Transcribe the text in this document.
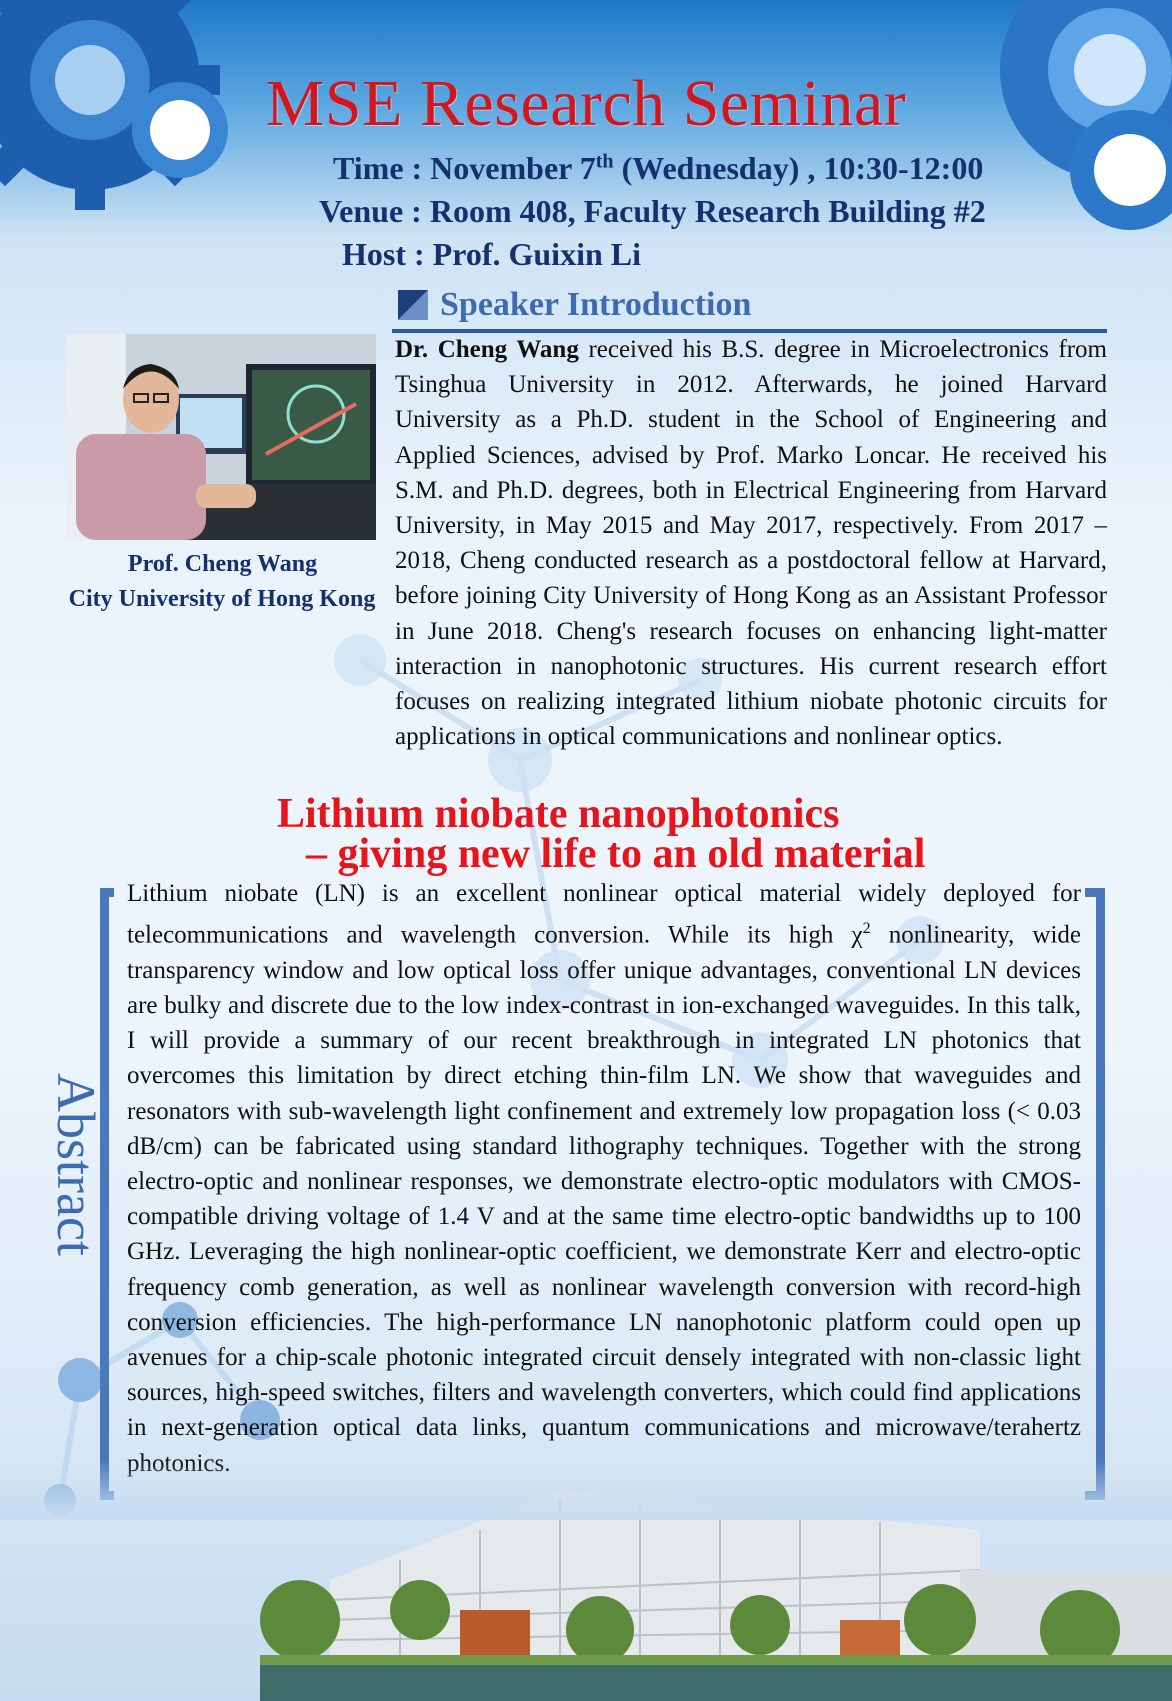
MSE Research Seminar
Time : November 7th (Wednesday) , 10:30-12:00
Venue : Room 408, Faculty Research Building #2
Host : Prof. Guixin Li
Speaker Introduction
Prof. Cheng Wang
City University of Hong Kong
Dr. Cheng Wang received his B.S. degree in Microelectronics from Tsinghua University in 2012. Afterwards, he joined Harvard University as a Ph.D. student in the School of Engineering and Applied Sciences, advised by Prof. Marko Loncar. He received his S.M. and Ph.D. degrees, both in Electrical Engineering from Harvard University, in May 2015 and May 2017, respectively. From 2017 – 2018, Cheng conducted research as a postdoctoral fellow at Harvard, before joining City University of Hong Kong as an Assistant Professor in June 2018. Cheng's research focuses on enhancing light-matter interaction in nanophotonic structures. His current research effort focuses on realizing integrated lithium niobate photonic circuits for applications in optical communications and nonlinear optics.
Lithium niobate nanophotonics
– giving new life to an old material
Abstract
Lithium niobate (LN) is an excellent nonlinear optical material widely deployed for telecommunications and wavelength conversion. While its high $\chi^2$ nonlinearity, wide transparency window and low optical loss offer unique advantages, conventional LN devices are bulky and discrete due to the low index-contrast in ion-exchanged waveguides. In this talk, I will provide a summary of our recent breakthrough in integrated LN photonics that overcomes this limitation by direct etching thin-film LN. We show that waveguides and resonators with sub-wavelength light confinement and extremely low propagation loss (< 0.03 dB/cm) can be fabricated using standard lithography techniques. Together with the strong electro-optic and nonlinear responses, we demonstrate electro-optic modulators with CMOS-compatible driving voltage of 1.4 V and at the same time electro-optic bandwidths up to 100 GHz. Leveraging the high nonlinear-optic coefficient, we demonstrate Kerr and electro-optic frequency comb generation, as well as nonlinear wavelength conversion with record-high conversion efficiencies. The high-performance LN nanophotonic platform could open up avenues for a chip-scale photonic integrated circuit densely integrated with non-classic light sources, high-speed switches, filters and wavelength converters, which could find applications in next-generation optical data links, quantum communications and microwave/terahertz
